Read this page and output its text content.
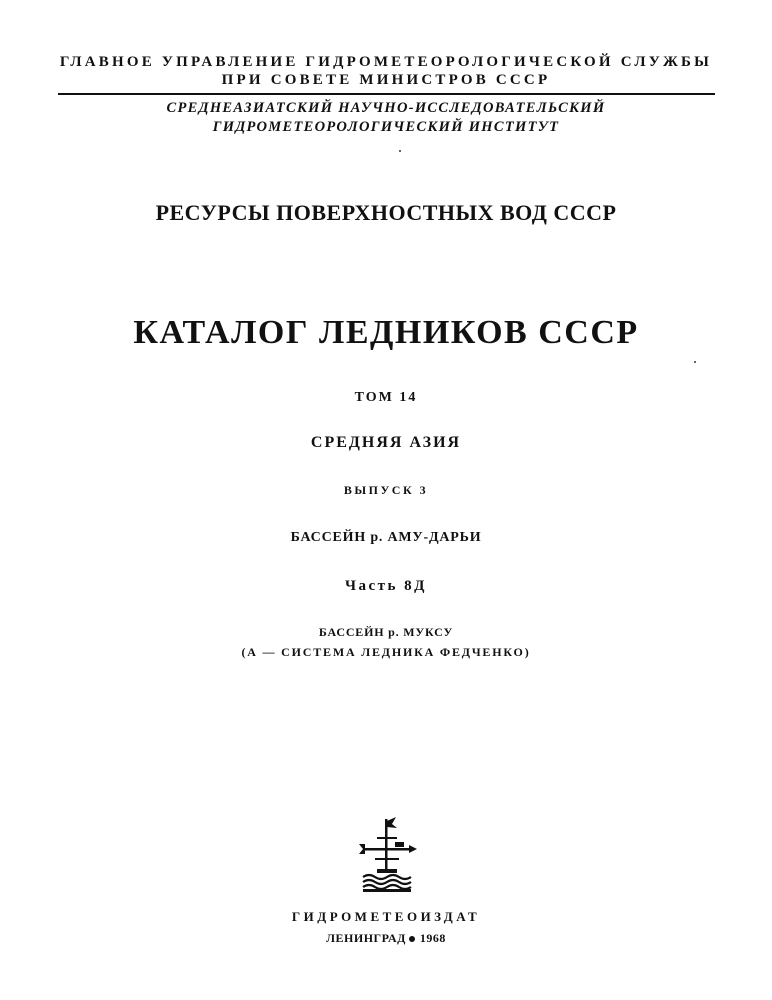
ГЛАВНОЕ УПРАВЛЕНИЕ ГИДРОМЕТЕОРОЛОГИЧЕСКОЙ СЛУЖБЫ
ПРИ СОВЕТЕ МИНИСТРОВ СССР
СРЕДНЕАЗИАТСКИЙ НАУЧНО-ИССЛЕДОВАТЕЛЬСКИЙ
ГИДРОМЕТЕОРОЛОГИЧЕСКИЙ ИНСТИТУТ
РЕСУРСЫ ПОВЕРХНОСТНЫХ ВОД СССР
КАТАЛОГ ЛЕДНИКОВ СССР
ТОМ 14
СРЕДНЯЯ АЗИЯ
ВЫПУСК 3
БАССЕЙН р. АМУ-ДАРЬИ
Часть 8Д
БАССЕЙН р. МУКСУ
(А — СИСТЕМА ЛЕДНИКА ФЕДЧЕНКО)
ГИДРОМЕТЕОИЗДАТ
ЛЕНИНГРАД 1968
